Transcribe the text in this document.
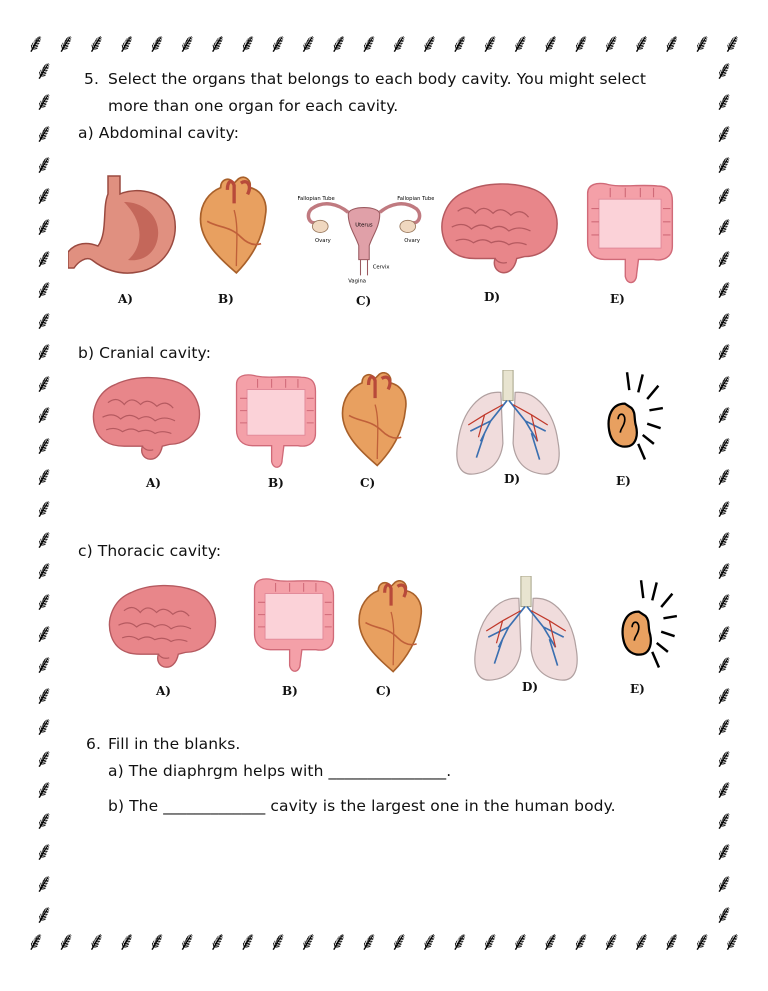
⸙ ⸙ ⸙ ⸙ ⸙ ⸙ ⸙ ⸙ ⸙ ⸙ ⸙ ⸙ ⸙ ⸙ ⸙ ⸙ ⸙ ⸙ ⸙ ⸙ ⸙ ⸙ ⸙ ⸙
⸙ ⸙ ⸙ ⸙ ⸙ ⸙ ⸙ ⸙ ⸙ ⸙ ⸙ ⸙ ⸙ ⸙ ⸙ ⸙ ⸙ ⸙ ⸙ ⸙ ⸙ ⸙ ⸙ ⸙
⸙
⸙
⸙
⸙
⸙
⸙
⸙
⸙
⸙
⸙
⸙
⸙
⸙
⸙
⸙
⸙
⸙
⸙
⸙
⸙
⸙
⸙
⸙
⸙
⸙
⸙
⸙
⸙
⸙
⸙
⸙
⸙
⸙
⸙
⸙
⸙
⸙
⸙
⸙
⸙
⸙
⸙
⸙
⸙
⸙
⸙
⸙
⸙
⸙
⸙
⸙
⸙
⸙
⸙
⸙
⸙
5. Select the organs that belongs to each body cavity. You might select
more than one organ for each cavity.
a) Abdominal cavity:
Fallopian Tube
Uterus
Fallopian Tube
Ovary
Cervix
Ovary
Vagina
A)	B)	C)	D)	E)
b) Cranial cavity:
A)	B)	C)	D)	E)
c) Thoracic cavity:
A)	B)	C)	D)	E)
6. Fill in the blanks.
a) The diaphrgm helps with _______________.
b) The _____________ cavity is the largest one in the human body.
